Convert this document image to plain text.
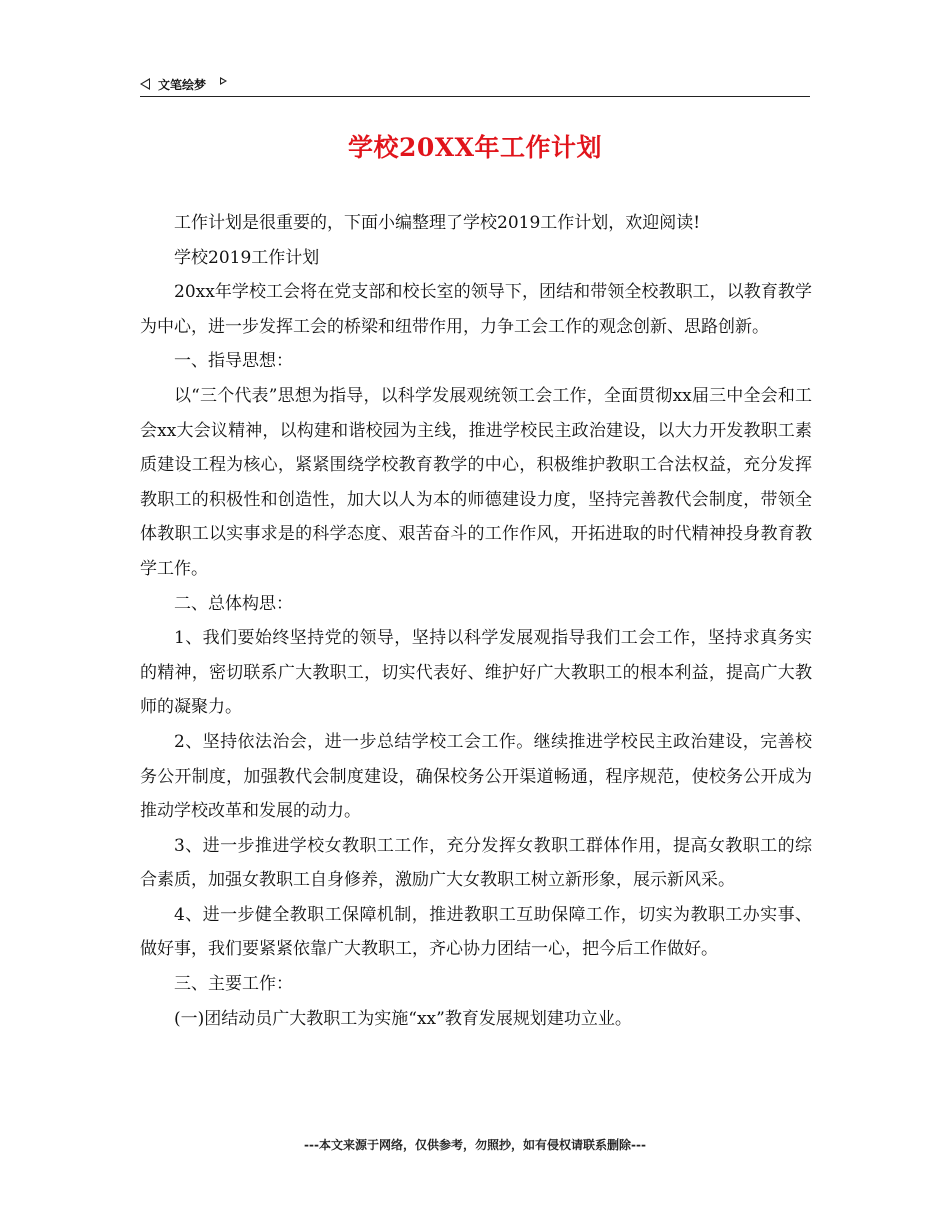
文笔绘梦
学校20XX年工作计划

工作计划是很重要的，下面小编整理了学校2019工作计划，欢迎阅读!

学校2019工作计划

20xx年学校工会将在党支部和校长室的领导下，团结和带领全校教职工，以教育教学为中心，进一步发挥工会的桥梁和纽带作用，力争工会工作的观念创新、思路创新。

一、指导思想：

以“三个代表”思想为指导，以科学发展观统领工会工作，全面贯彻xx届三中全会和工会xx大会议精神，以构建和谐校园为主线，推进学校民主政治建设，以大力开发教职工素质建设工程为核心，紧紧围绕学校教育教学的中心，积极维护教职工合法权益，充分发挥教职工的积极性和创造性，加大以人为本的师德建设力度，坚持完善教代会制度，带领全体教职工以实事求是的科学态度、艰苦奋斗的工作作风，开拓进取的时代精神投身教育教学工作。

二、总体构思：

1、我们要始终坚持党的领导，坚持以科学发展观指导我们工会工作，坚持求真务实的精神，密切联系广大教职工，切实代表好、维护好广大教职工的根本利益，提高广大教师的凝聚力。

2、坚持依法治会，进一步总结学校工会工作。继续推进学校民主政治建设，完善校务公开制度，加强教代会制度建设，确保校务公开渠道畅通，程序规范，使校务公开成为推动学校改革和发展的动力。

3、进一步推进学校女教职工工作，充分发挥女教职工群体作用，提高女教职工的综合素质，加强女教职工自身修养，激励广大女教职工树立新形象，展示新风采。

4、进一步健全教职工保障机制，推进教职工互助保障工作，切实为教职工办实事、做好事，我们要紧紧依靠广大教职工，齐心协力团结一心，把今后工作做好。

三、主要工作：

(一)团结动员广大教职工为实施“xx”教育发展规划建功立业。

---本文来源于网络，仅供参考，勿照抄，如有侵权请联系删除---
